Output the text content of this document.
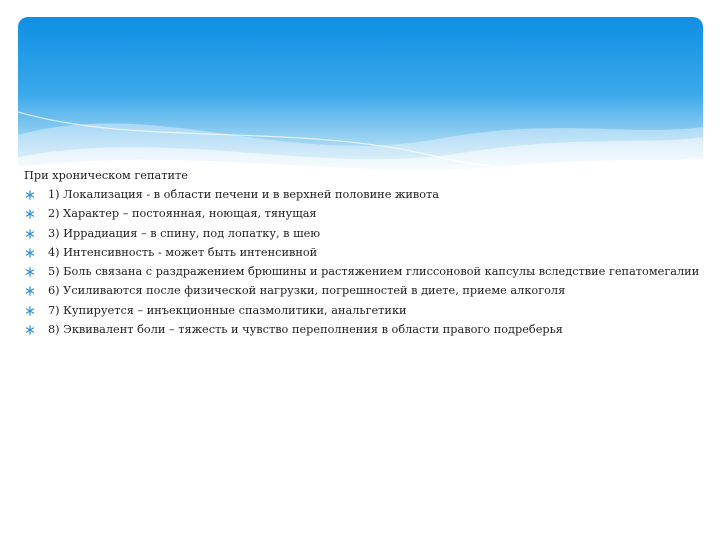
При хроническом гепатите

1) Локализация - в области печени и в верхней половине живота
2) Характер – постоянная, ноющая, тянущая
3) Иррадиация – в спину, под лопатку, в шею
4) Интенсивность - может быть интенсивной
5) Боль связана с раздражением брюшины и растяжением глиссоновой капсулы вследствие гепатомегалии
6) Усиливаются после физической нагрузки, погрешностей в диете, приеме алкоголя
7) Купируется – инъекционные спазмолитики, анальгетики
8) Эквивалент боли – тяжесть и чувство переполнения в области правого подреберья
